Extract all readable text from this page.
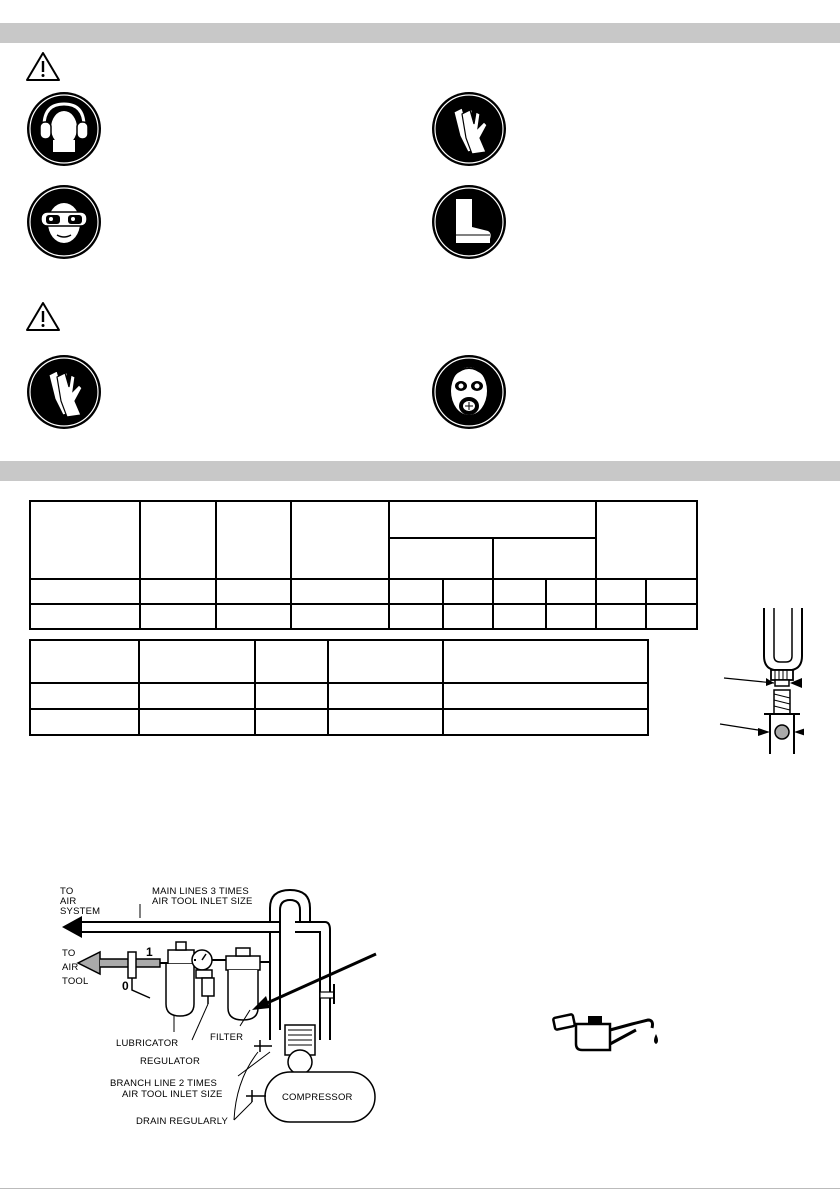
TO
AIR
SYSTEM
MAIN LINES 3 TIMES
AIR TOOL INLET SIZE
TO
AIR
TOOL
1
0
LUBRICATOR
REGULATOR
FILTER
BRANCH LINE 2 TIMES
AIR TOOL INLET SIZE	COMPRESSOR
DRAIN REGULARLY
